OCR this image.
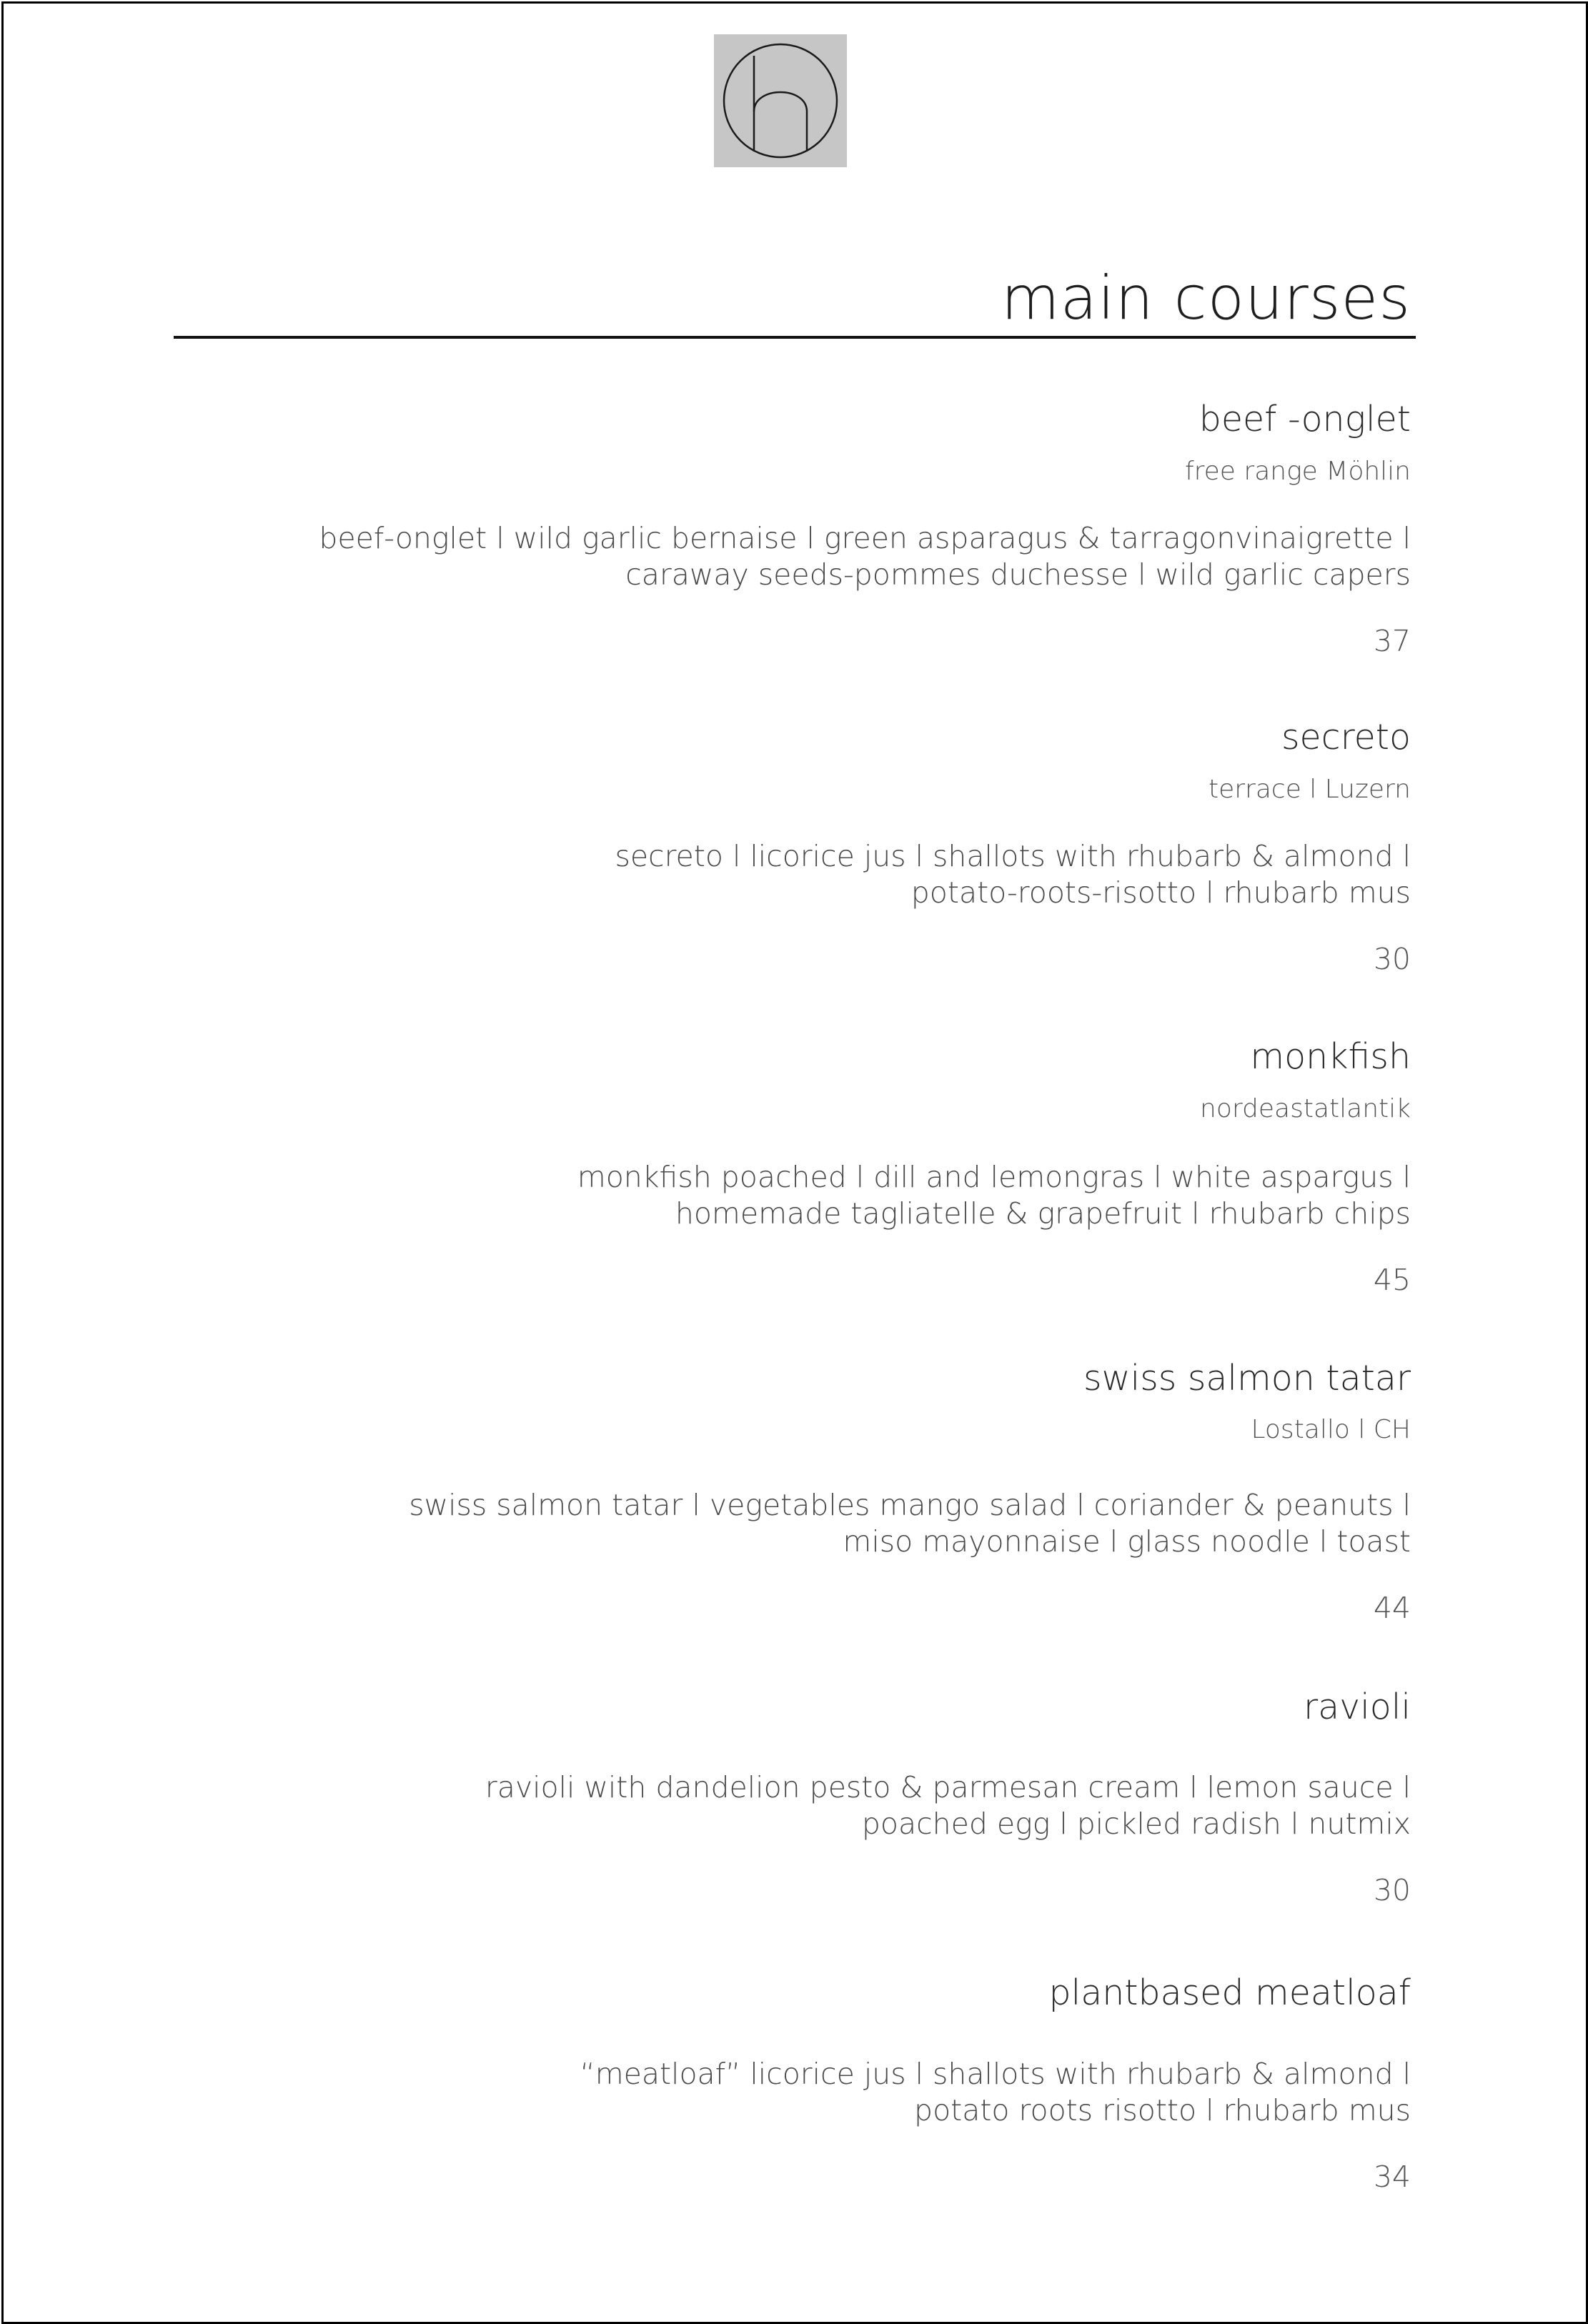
main courses
beef -onglet
free range Möhlin
beef-onglet l wild garlic bernaise l green asparagus & tarragonvinaigrette l
caraway seeds-pommes duchesse l wild garlic capers
37
secreto
terrace l Luzern
secreto l licorice jus l shallots with rhubarb & almond l
potato-roots-risotto l rhubarb mus
30
monkfish
nordeastatlantik
monkfish poached l dill and lemongras l white aspargus l
homemade tagliatelle & grapefruit l rhubarb chips
45
swiss salmon tatar
Lostallo l CH
swiss salmon tatar l vegetables mango salad l coriander & peanuts l
miso mayonnaise l glass noodle l toast
44
ravioli
ravioli with dandelion pesto & parmesan cream l lemon sauce l
poached egg l pickled radish l nutmix
30
plantbased meatloaf
“meatloaf” licorice jus l shallots with rhubarb & almond l
potato roots risotto l rhubarb mus
34
